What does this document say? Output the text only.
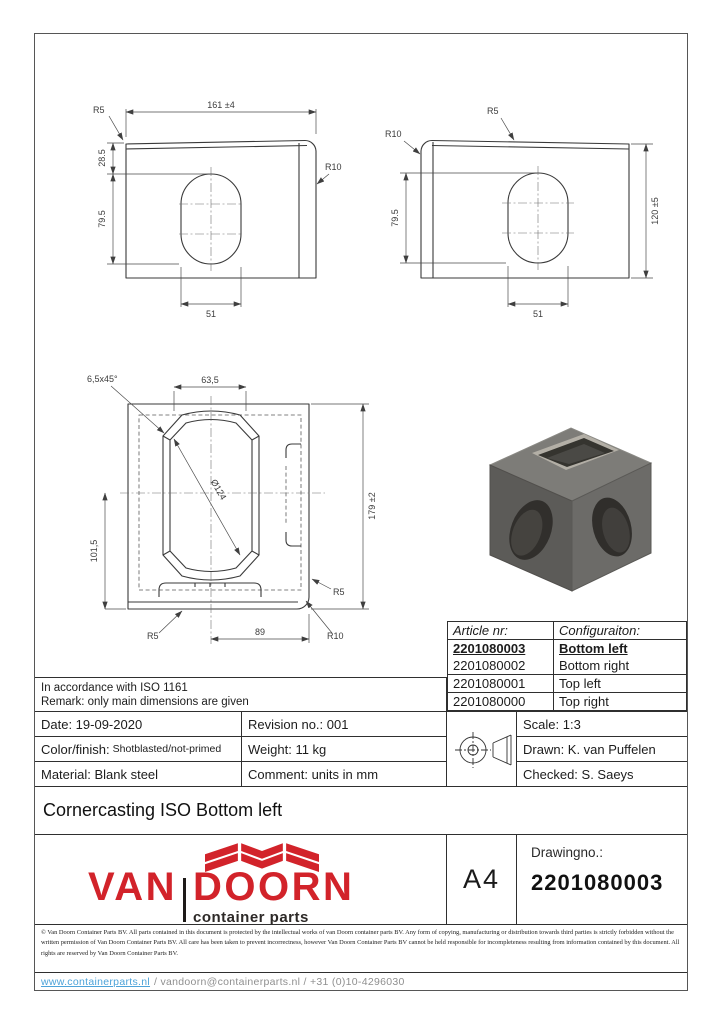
161 ±4
R5
28.5
79.5
R10
51
R5
R10
79.5	120 ±5
51
Ø124
63,5
6,5x45°
101,5
179 ±2
R5
89
R5	R10	Article nr:	Configuraiton:
2201080003	Bottom left
2201080002	Bottom right
2201080001	Top left
2201080000	Top right
In accordance with ISO 1161
Remark: only main dimensions are given
Date: 19-09-2020	Revision no.: 001
Color/finish: Shotblasted/not-primed	Weight: 11 kg
Material: Blank steel	Comment: units in mm
Scale: 1:3
Drawn: K. van Puffelen
Checked: S. Saeys
Cornercasting ISO Bottom left
VAN DOORN
container parts
A4
Drawingno.:
2201080003
© Van Doorn Container Parts BV. All parts contained in this document is protected by the intellectual works of van Doorn container parts BV. Any form of copying, manufacturing or distribution towards third parties is strictly forbidden without the written permission of Van Doorn Container Parts BV. All care has been taken to prevent incorrectness, however Van Doorn Container Parts BV cannot be held responsible for incompleteness resulting from information contained by this document. All rights are reserved by Van Doorn Container Parts BV.
www.containerparts.nl / vandoorn@containerparts.nl / +31 (0)10-4296030
